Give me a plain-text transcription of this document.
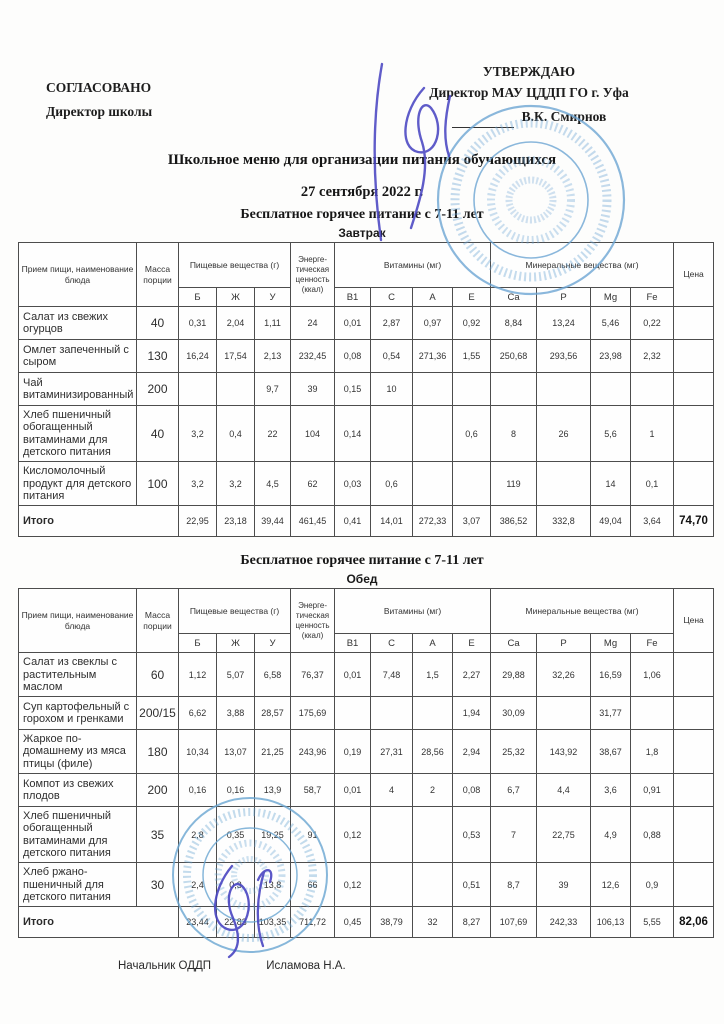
СОГЛАСОВАНО
Директор школы
УТВЕРЖДАЮ
Директор МАУ ЦДДП ГО г. Уфа
В.К. Смирнов
Школьное меню для организации питания обучающихся
27 сентября 2022 г.
Бесплатное горячее питание с 7-11 лет
Завтрак
Прием пищи, наименование блюда	Масса порции	Пищевые вещества (г)			Энерге-тическая ценность (ккал)	Витамины (мг)				Минеральные вещества (мг)				Цена
		Б	Ж	У		B1	C	A	E	Ca	P	Mg	Fe	
Салат из свежих огурцов	40	0,31	2,04	1,11	24	0,01	2,87	0,97	0,92	8,84	13,24	5,46	0,22	
Омлет запеченный с сыром	130	16,24	17,54	2,13	232,45	0,08	0,54	271,36	1,55	250,68	293,56	23,98	2,32	
Чай витаминизированный	200			9,7	39	0,15	10							
Хлеб пшеничный обогащенный витаминами для детского питания	40	3,2	0,4	22	104	0,14			0,6	8	26	5,6	1	
Кисломолочный продукт для детского питания	100	3,2	3,2	4,5	62	0,03	0,6			119		14	0,1	
Итого		22,95	23,18	39,44	461,45	0,41	14,01	272,33	3,07	386,52	332,8	49,04	3,64	74,70
Бесплатное горячее питание с 7-11 лет
Обед
Прием пищи, наименование блюда	Масса порции	Пищевые вещества (г)			Энерге-тическая ценность (ккал)	Витамины (мг)				Минеральные вещества (мг)				Цена
		Б	Ж	У		B1	C	A	E	Ca	P	Mg	Fe	
Салат из свеклы с растительным маслом	60	1,12	5,07	6,58	76,37	0,01	7,48	1,5	2,27	29,88	32,26	16,59	1,06	
Суп картофельный с горохом и гренками	200/15	6,62	3,88	28,57	175,69				1,94	30,09		31,77		
Жаркое по-домашнему из мяса птицы (филе)	180	10,34	13,07	21,25	243,96	0,19	27,31	28,56	2,94	25,32	143,92	38,67	1,8	
Компот из свежих плодов	200	0,16	0,16	13,9	58,7	0,01	4	2	0,08	6,7	4,4	3,6	0,91	
Хлеб пшеничный обогащенный витаминами для детского питания	35	2,8	0,35	19,25	91	0,12			0,53	7	22,75	4,9	0,88	
Хлеб ржано-пшеничный для детского питания	30	2,4	0,3	13,8	66	0,12			0,51	8,7	39	12,6	0,9	
Итого		23,44	22,83	103,35	711,72	0,45	38,79	32	8,27	107,69	242,33	106,13	5,55	82,06
Начальник ОДДП	Исламова Н.А.
